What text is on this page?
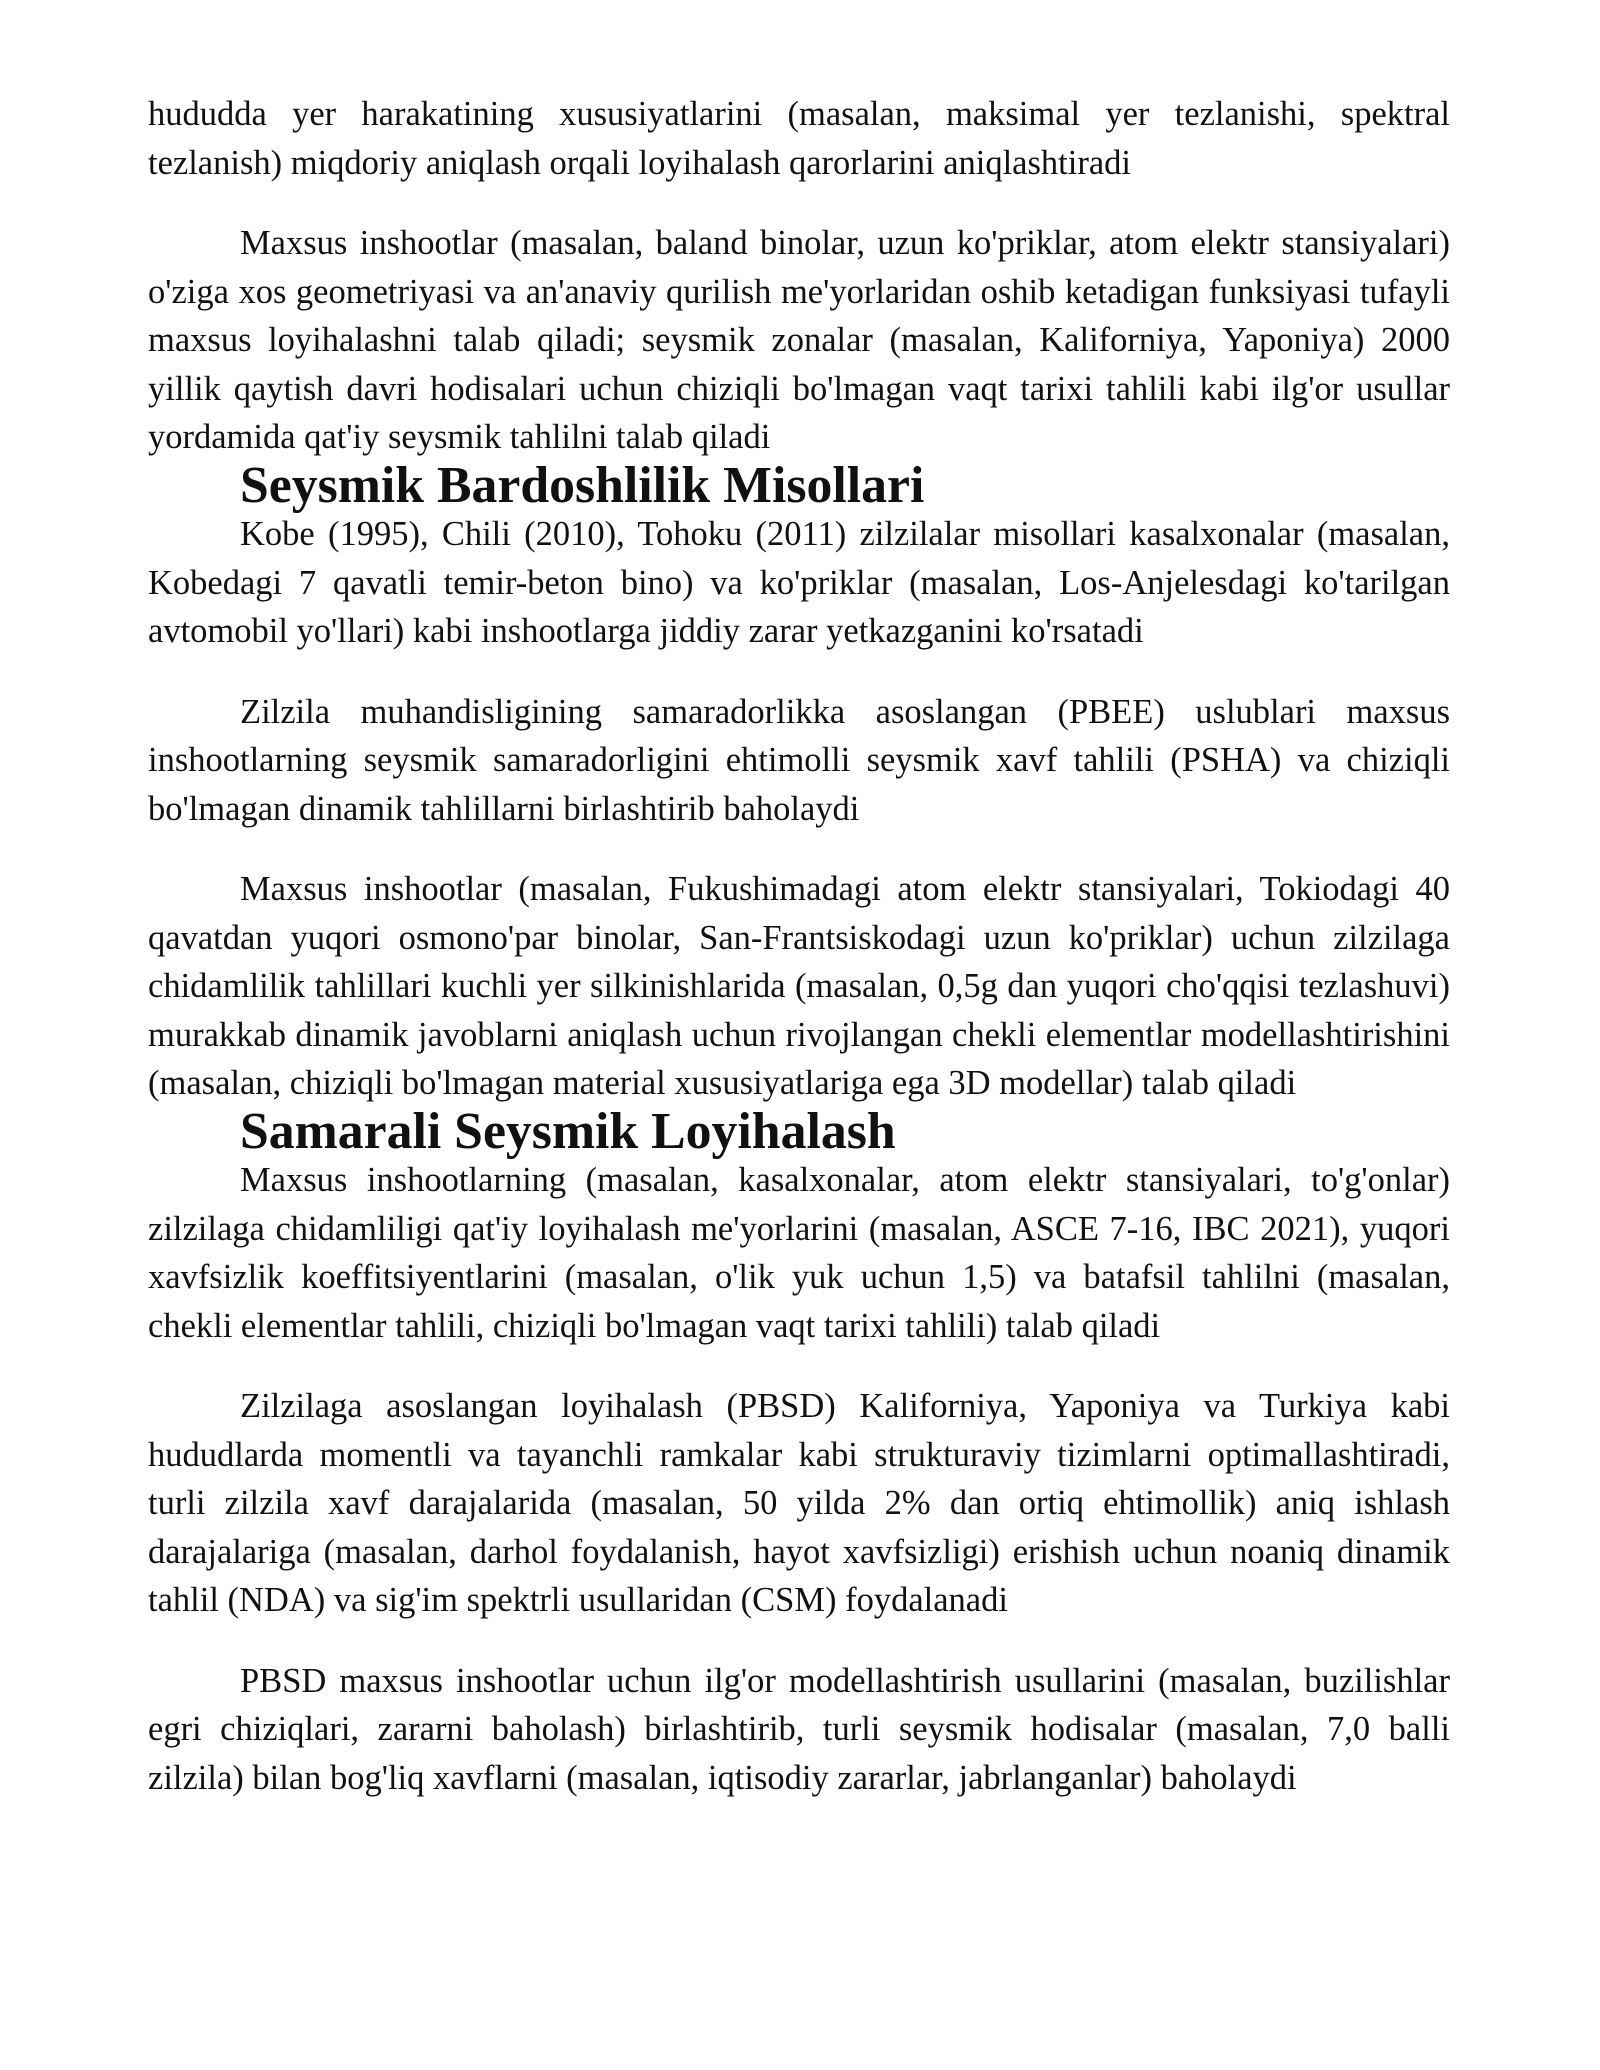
hududda yer harakatining xususiyatlarini (masalan, maksimal yer tezlanishi, spektral tezlanish) miqdoriy aniqlash orqali loyihalash qarorlarini aniqlashtiradi

Maxsus inshootlar (masalan, baland binolar, uzun ko'priklar, atom elektr stansiyalari) o'ziga xos geometriyasi va an'anaviy qurilish me'yorlaridan oshib ketadigan funksiyasi tufayli maxsus loyihalashni talab qiladi; seysmik zonalar (masalan, Kaliforniya, Yaponiya) 2000 yillik qaytish davri hodisalari uchun chiziqli bo'lmagan vaqt tarixi tahlili kabi ilg'or usullar yordamida qat'iy seysmik tahlilni talab qiladi

Seysmik Bardoshlilik Misollari

Kobe (1995), Chili (2010), Tohoku (2011) zilzilalar misollari kasalxonalar (masalan, Kobedagi 7 qavatli temir-beton bino) va ko'priklar (masalan, Los-Anjelesdagi ko'tarilgan avtomobil yo'llari) kabi inshootlarga jiddiy zarar yetkazganini ko'rsatadi

Zilzila muhandisligining samaradorlikka asoslangan (PBEE) uslublari maxsus inshootlarning seysmik samaradorligini ehtimolli seysmik xavf tahlili (PSHA) va chiziqli bo'lmagan dinamik tahlillarni birlashtirib baholaydi

Maxsus inshootlar (masalan, Fukushimadagi atom elektr stansiyalari, Tokiodagi 40 qavatdan yuqori osmono'par binolar, San-Frantsiskodagi uzun ko'priklar) uchun zilzilaga chidamlilik tahlillari kuchli yer silkinishlarida (masalan, 0,5g dan yuqori cho'qqisi tezlashuvi) murakkab dinamik javoblarni aniqlash uchun rivojlangan chekli elementlar modellashtirishini (masalan, chiziqli bo'lmagan material xususiyatlariga ega 3D modellar) talab qiladi

Samarali Seysmik Loyihalash

Maxsus inshootlarning (masalan, kasalxonalar, atom elektr stansiyalari, to'g'onlar) zilzilaga chidamliligi qat'iy loyihalash me'yorlarini (masalan, ASCE 7-16, IBC 2021), yuqori xavfsizlik koeffitsiyentlarini (masalan, o'lik yuk uchun 1,5) va batafsil tahlilni (masalan, chekli elementlar tahlili, chiziqli bo'lmagan vaqt tarixi tahlili) talab qiladi

Zilzilaga asoslangan loyihalash (PBSD) Kaliforniya, Yaponiya va Turkiya kabi hududlarda momentli va tayanchli ramkalar kabi strukturaviy tizimlarni optimallashtiradi, turli zilzila xavf darajalarida (masalan, 50 yilda 2% dan ortiq ehtimollik) aniq ishlash darajalariga (masalan, darhol foydalanish, hayot xavfsizligi) erishish uchun noaniq dinamik tahlil (NDA) va sig'im spektrli usullaridan (CSM) foydalanadi

PBSD maxsus inshootlar uchun ilg'or modellashtirish usullarini (masalan, buzilishlar egri chiziqlari, zararni baholash) birlashtirib, turli seysmik hodisalar (masalan, 7,0 balli zilzila) bilan bog'liq xavflarni (masalan, iqtisodiy zararlar, jabrlanganlar) baholaydi
